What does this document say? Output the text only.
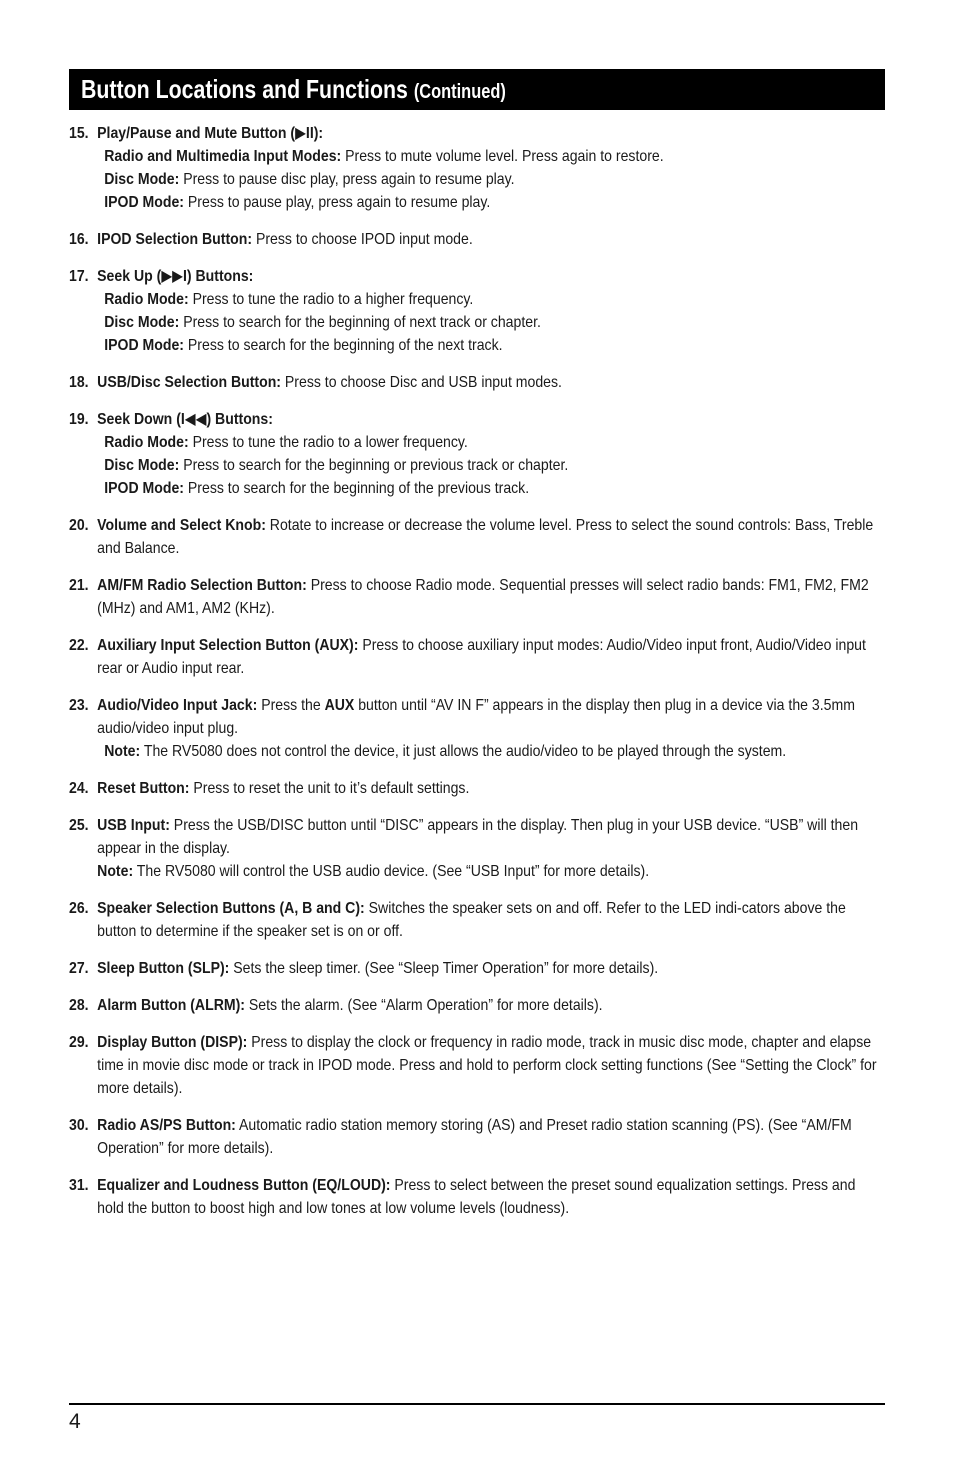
Button Locations and Functions (Continued)
15. Play/Pause and Mute Button (▶II):
Radio and Multimedia Input Modes: Press to mute volume level. Press again to restore.
Disc Mode: Press to pause disc play, press again to resume play.
IPOD Mode: Press to pause play, press again to resume play.
16. IPOD Selection Button: Press to choose IPOD input mode.
17. Seek Up (▶▶I) Buttons:
Radio Mode: Press to tune the radio to a higher frequency.
Disc Mode: Press to search for the beginning of next track or chapter.
IPOD Mode: Press to search for the beginning of the next track.
18. USB/Disc Selection Button: Press to choose Disc and USB input modes.
19. Seek Down (I◀◀) Buttons:
Radio Mode: Press to tune the radio to a lower frequency.
Disc Mode: Press to search for the beginning or previous track or chapter.
IPOD Mode: Press to search for the beginning of the previous track.
20. Volume and Select Knob: Rotate to increase or decrease the volume level. Press to select the sound controls: Bass, Treble and Balance.
21. AM/FM Radio Selection Button: Press to choose Radio mode. Sequential presses will select radio bands: FM1, FM2, FM2 (MHz) and AM1, AM2 (KHz).
22. Auxiliary Input Selection Button (AUX): Press to choose auxiliary input modes: Audio/Video input front, Audio/Video input rear or Audio input rear.
23. Audio/Video Input Jack: Press the AUX button until “AV IN F” appears in the display then plug in a device via the 3.5mm audio/video input plug.
Note: The RV5080 does not control the device, it just allows the audio/video to be played through the system.
24. Reset Button: Press to reset the unit to it’s default settings.
25. USB Input: Press the USB/DISC button until “DISC” appears in the display. Then plug in your USB device. “USB” will then appear in the display.
Note: The RV5080 will control the USB audio device. (See “USB Input” for more details).
26. Speaker Selection Buttons (A, B and C): Switches the speaker sets on and off. Refer to the LED indi-cators above the button to determine if the speaker set is on or off.
27. Sleep Button (SLP): Sets the sleep timer. (See “Sleep Timer Operation” for more details).
28. Alarm Button (ALRM): Sets the alarm. (See “Alarm Operation” for more details).
29. Display Button (DISP): Press to display the clock or frequency in radio mode, track in music disc mode, chapter and elapse time in movie disc mode or track in IPOD mode. Press and hold to perform clock setting functions (See “Setting the Clock” for more details).
30. Radio AS/PS Button: Automatic radio station memory storing (AS) and Preset radio station scanning (PS). (See “AM/FM Operation” for more details).
31. Equalizer and Loudness Button (EQ/LOUD): Press to select between the preset sound equalization settings. Press and hold the button to boost high and low tones at low volume levels (loudness).
4
